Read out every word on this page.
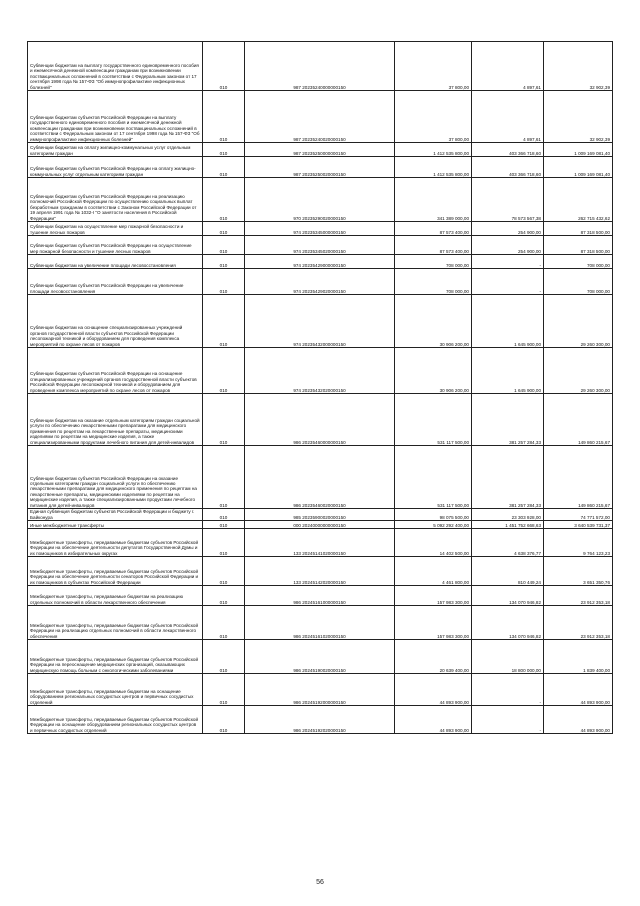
Субвенции бюджетам на выплату государственного единовременного пособия и ежемесячной денежной компенсации гражданам при возникновении поствакцинальных осложнений в соответствии с Федеральным законом от 17 сентября 1998 года № 157-ФЗ "Об иммунопрофилактике инфекционных болезней"	010	987 20235240000000150	37 800,00	4 897,61	32 902,39
Субвенции бюджетам субъектов Российской Федерации на выплату государственного единовременного пособия и ежемесячной денежной компенсации гражданам при возникновении поствакцинальных осложнений в соответствии с Федеральным законом от 17 сентября 1998 года № 157-ФЗ "Об иммунопрофилактике инфекционных болезней"	010	987 20235240020000150	37 800,00	4 897,61	32 902,39
Субвенции бюджетам на оплату жилищно-коммунальных услуг отдельным категориям граждан	010	987 20235250000000150	1 412 535 800,00	403 366 718,60	1 009 169 081,40
Субвенции бюджетам субъектов Российской Федерации на оплату жилищно-коммунальных услуг отдельным категориям граждан	010	987 20235250020000150	1 412 535 800,00	403 366 718,60	1 009 169 081,40
Субвенции бюджетам субъектов Российской Федерации на реализацию полномочий Российской Федерации по осуществлению социальных выплат безработным гражданам в соответствии с Законом Российской Федерации от 19 апреля 1991 года № 1032-I "О занятости населения в Российской Федерации"	010	970 20235290020000150	341 389 000,00	78 573 567,38	262 715 432,62
Субвенции бюджетам на осуществление мер пожарной безопасности и тушение лесных пожаров	010	974 20235345000000150	87 573 400,00	254 900,00	87 318 500,00
Субвенции бюджетам субъектов Российской Федерации на осуществление мер пожарной безопасности и тушение лесных пожаров	010	974 20235345020000150	87 573 400,00	254 900,00	87 318 500,00
Субвенции бюджетам на увеличение площади лесовосстановления	010	974 20235429000000150	708 000,00	-	708 000,00
Субвенции бюджетам субъектов Российской Федерации на увеличение площади лесовосстановления	010	974 20235429020000150	708 000,00	-	708 000,00
Субвенции бюджетам на оснащение специализированных учреждений органов государственной власти субъектов Российской Федерации лесопожарной техникой и оборудованием для проведения комплекса мероприятий по охране лесов от пожаров	010	974 20235432000000150	30 906 200,00	1 645 900,00	29 260 300,00
Субвенции бюджетам субъектов Российской Федерации на оснащение специализированных учреждений органов государственной власти субъектов Российской Федерации лесопожарной техникой и оборудованием для проведения комплекса мероприятий по охране лесов от пожаров	010	974 20235432020000150	30 906 200,00	1 645 900,00	29 260 300,00
Субвенции бюджетам на оказание отдельным категориям граждан социальной услуги по обеспечению лекарственными препаратами для медицинского применения по рецептам на лекарственные препараты, медицинскими изделиями по рецептам на медицинские изделия, а также специализированными продуктами лечебного питания для детей-инвалидов	010	986 20235460000000150	531 117 500,00	381 257 284,33	149 860 215,67
Субвенции бюджетам субъектов Российской Федерации на оказание отдельным категориям граждан социальной услуги по обеспечению лекарственными препаратами для медицинского применения по рецептам на лекарственные препараты, медицинскими изделиями по рецептам на медицинские изделия, а также специализированными продуктами лечебного питания для детей-инвалидов	010	986 20235460020000150	531 117 500,00	381 257 284,33	149 860 215,67
Единая субвенция бюджетам субъектов Российской Федерации и бюджету г. Байконура	010	985 20235900020000150	98 075 500,00	23 303 928,00	74 771 572,00
Иные межбюджетные трансферты	010	000 20240000000000150	5 092 292 400,00	1 451 752 668,63	3 640 539 731,37
Межбюджетные трансферты, передаваемые бюджетам субъектов Российской Федерации на обеспечение деятельности депутатов Государственной Думы и их помощников в избирательных округах	010	133 20245141020000150	14 402 500,00	4 638 376,77	9 764 123,23
Межбюджетные трансферты, передаваемые бюджетам субъектов Российской Федерации на обеспечение деятельности сенаторов Российской Федерации и их помощников в субъектах Российской Федерации	010	133 20245142020000150	4 461 800,00	810 449,24	3 651 350,76
Межбюджетные трансферты, передаваемые бюджетам на реализацию отдельных полномочий в области лекарственного обеспечения	010	986 20245161000000150	157 983 300,00	134 070 946,82	23 912 353,18
Межбюджетные трансферты, передаваемые бюджетам субъектов Российской Федерации на реализацию отдельных полномочий в области лекарственного обеспечения	010	986 20245161020000150	157 983 300,00	134 070 946,82	23 912 353,18
Межбюджетные трансферты, передаваемые бюджетам субъектов Российской Федерации на переоснащение медицинских организаций, оказывающих медицинскую помощь больным с онкологическими заболеваниями	010	986 20245190020000150	20 639 400,00	18 800 000,00	1 839 400,00
Межбюджетные трансферты, передаваемые бюджетам на оснащение оборудованием региональных сосудистых центров и первичных сосудистых отделений	010	986 20245192000000150	44 893 900,00	-	44 893 900,00
Межбюджетные трансферты, передаваемые бюджетам субъектов Российской Федерации на оснащение оборудованием региональных сосудистых центров и первичных сосудистых отделений	010	986 20245192020000150	44 893 900,00	-	44 893 900,00
56
